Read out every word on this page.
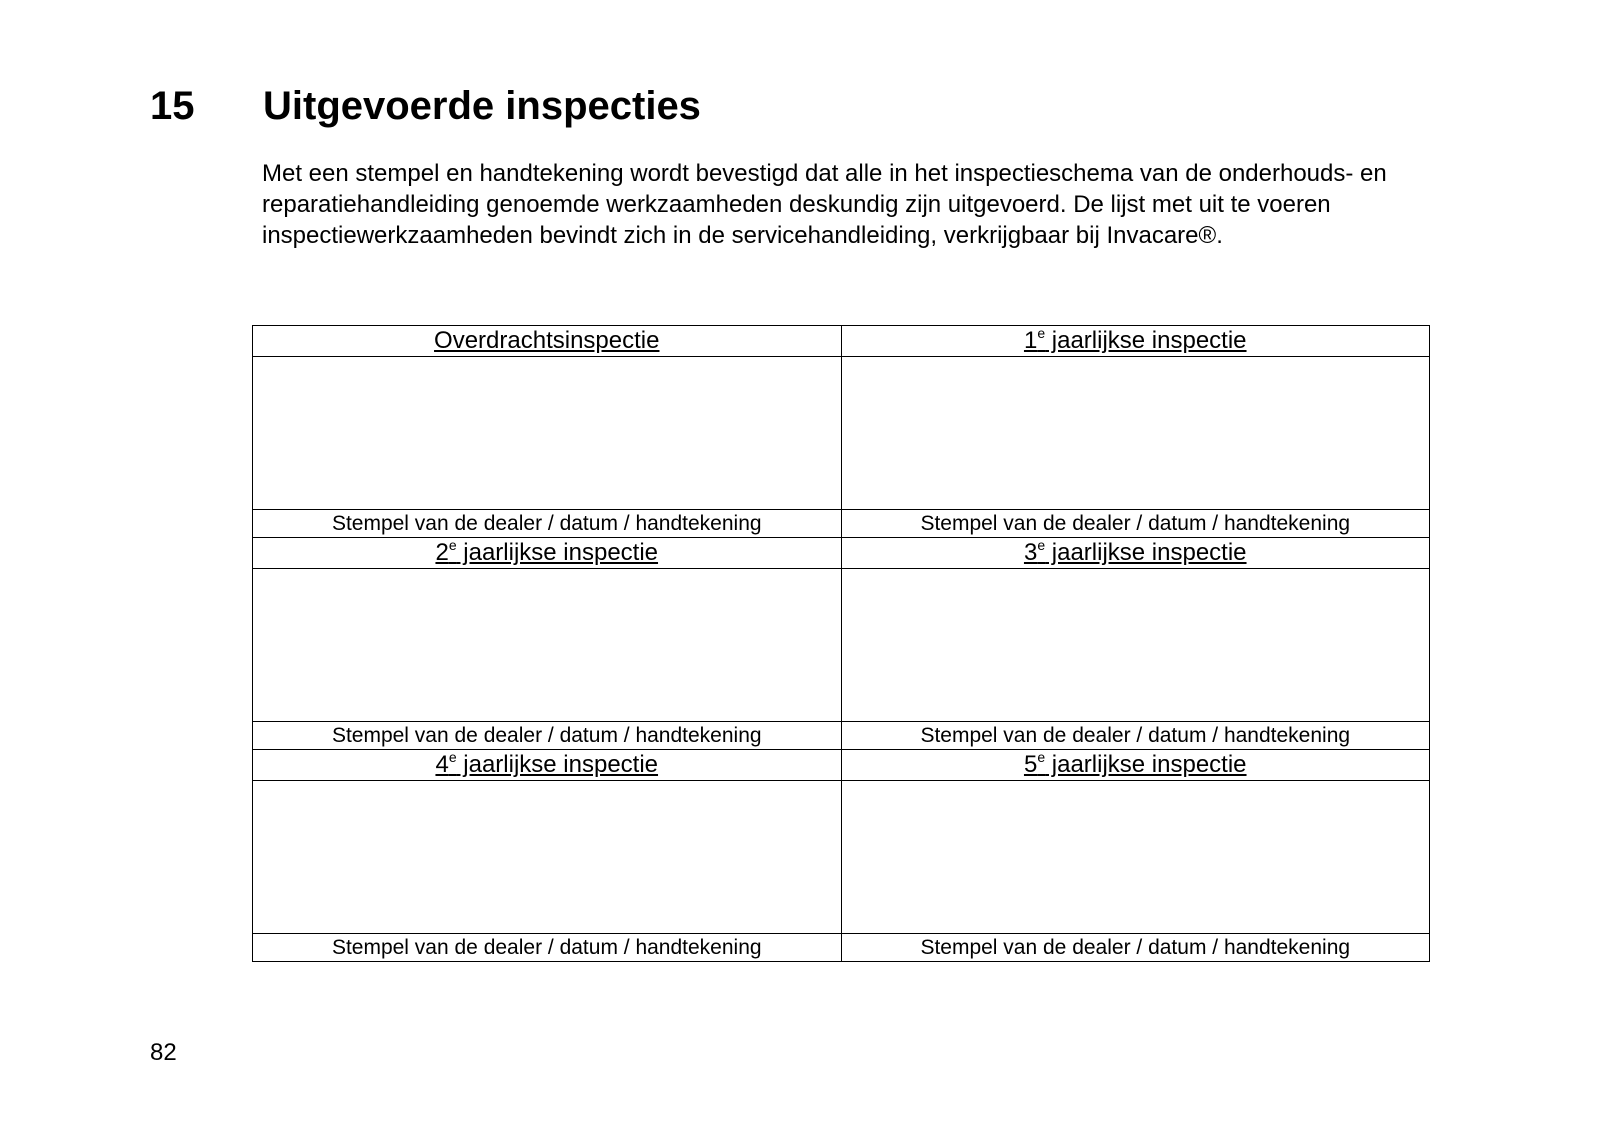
15 Uitgevoerde inspecties

Met een stempel en handtekening wordt bevestigd dat alle in het inspectieschema van de onderhouds- en reparatiehandleiding genoemde werkzaamheden deskundig zijn uitgevoerd. De lijst met uit te voeren inspectiewerkzaamheden bevindt zich in de servicehandleiding, verkrijgbaar bij Invacare®.

Overdrachtsinspectie	1e jaarlijkse inspectie

Stempel van de dealer / datum / handtekening	Stempel van de dealer / datum / handtekening
2e jaarlijkse inspectie	3e jaarlijkse inspectie

Stempel van de dealer / datum / handtekening	Stempel van de dealer / datum / handtekening
4e jaarlijkse inspectie	5e jaarlijkse inspectie

Stempel van de dealer / datum / handtekening	Stempel van de dealer / datum / handtekening
82
